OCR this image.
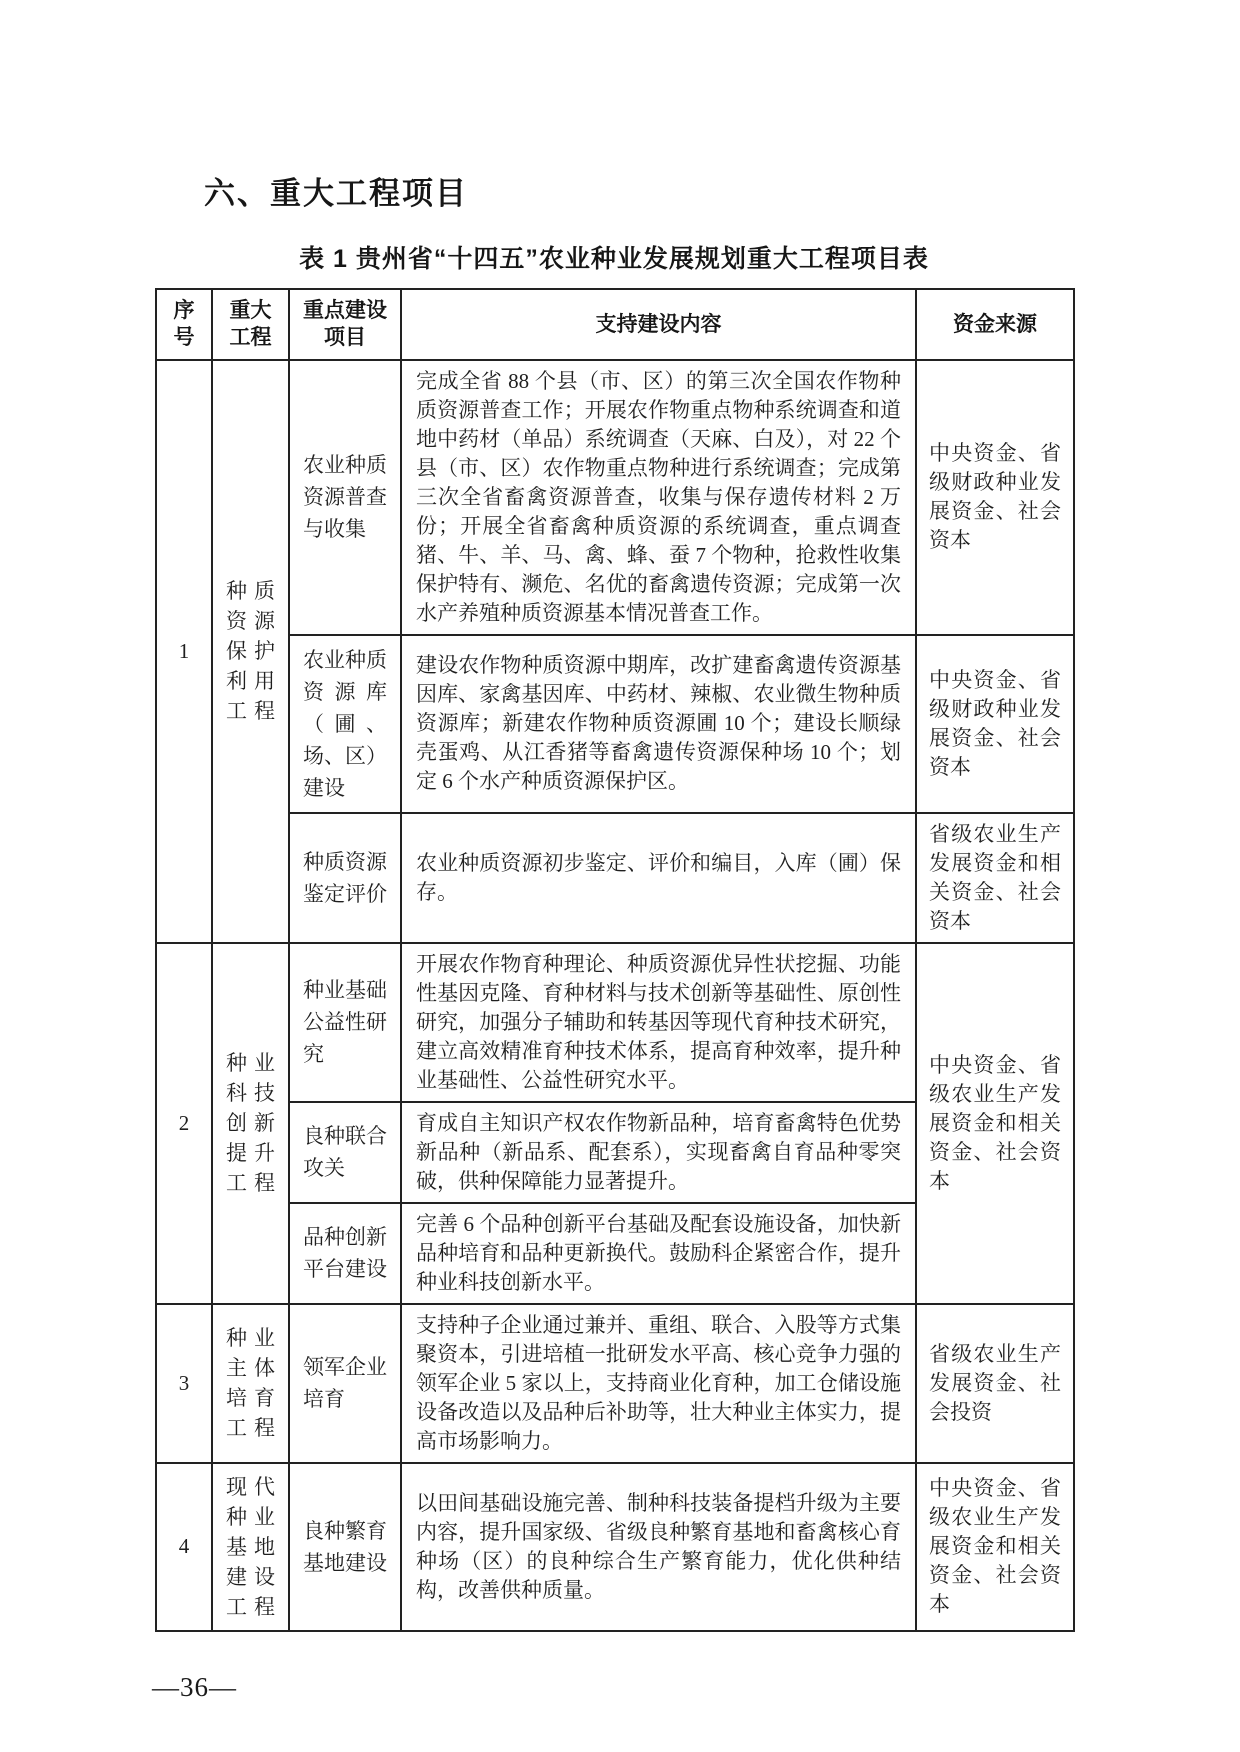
六、重大工程项目
表 1 贵州省“十四五”农业种业发展规划重大工程项目表
序号	重大工程	重点建设项目	支持建设内容	资金来源
1	种质资源保护利用工程	农业种质资源普查与收集	完成全省 88 个县（市、区）的第三次全国农作物种质资源普查工作；开展农作物重点物种系统调查和道地中药材（单品）系统调查（天麻、白及），对 22 个县（市、区）农作物重点物种进行系统调查；完成第三次全省畜禽资源普查，收集与保存遗传材料 2 万份；开展全省畜禽种质资源的系统调查，重点调查猪、牛、羊、马、禽、蜂、蚕 7 个物种，抢救性收集保护特有、濒危、名优的畜禽遗传资源；完成第一次水产养殖种质资源基本情况普查工作。	中央资金、省级财政种业发展资金、社会资本
		农业种质资源库（圃、场、区）建设	建设农作物种质资源中期库，改扩建畜禽遗传资源基因库、家禽基因库、中药材、辣椒、农业微生物种质资源库；新建农作物种质资源圃 10 个；建设长顺绿壳蛋鸡、从江香猪等畜禽遗传资源保种场 10 个；划定 6 个水产种质资源保护区。	中央资金、省级财政种业发展资金、社会资本
		种质资源鉴定评价	农业种质资源初步鉴定、评价和编目，入库（圃）保存。	省级农业生产发展资金和相关资金、社会资本
2	种业科技创新提升工程	种业基础公益性研究	开展农作物育种理论、种质资源优异性状挖掘、功能性基因克隆、育种材料与技术创新等基础性、原创性研究，加强分子辅助和转基因等现代育种技术研究，建立高效精准育种技术体系，提高育种效率，提升种业基础性、公益性研究水平。	中央资金、省级农业生产发展资金和相关资金、社会资本
		良种联合攻关	育成自主知识产权农作物新品种，培育畜禽特色优势新品种（新品系、配套系），实现畜禽自育品种零突破，供种保障能力显著提升。	
		品种创新平台建设	完善 6 个品种创新平台基础及配套设施设备，加快新品种培育和品种更新换代。鼓励科企紧密合作，提升种业科技创新水平。	
3	种业主体培育工程	领军企业培育	支持种子企业通过兼并、重组、联合、入股等方式集聚资本，引进培植一批研发水平高、核心竞争力强的领军企业 5 家以上，支持商业化育种，加工仓储设施设备改造以及品种后补助等，壮大种业主体实力，提高市场影响力。	省级农业生产发展资金、社会投资
4	现代种业基地建设工程	良种繁育基地建设	以田间基础设施完善、制种科技装备提档升级为主要内容，提升国家级、省级良种繁育基地和畜禽核心育种场（区）的良种综合生产繁育能力，优化供种结构，改善供种质量。	中央资金、省级农业生产发展资金和相关资金、社会资本
—36—
